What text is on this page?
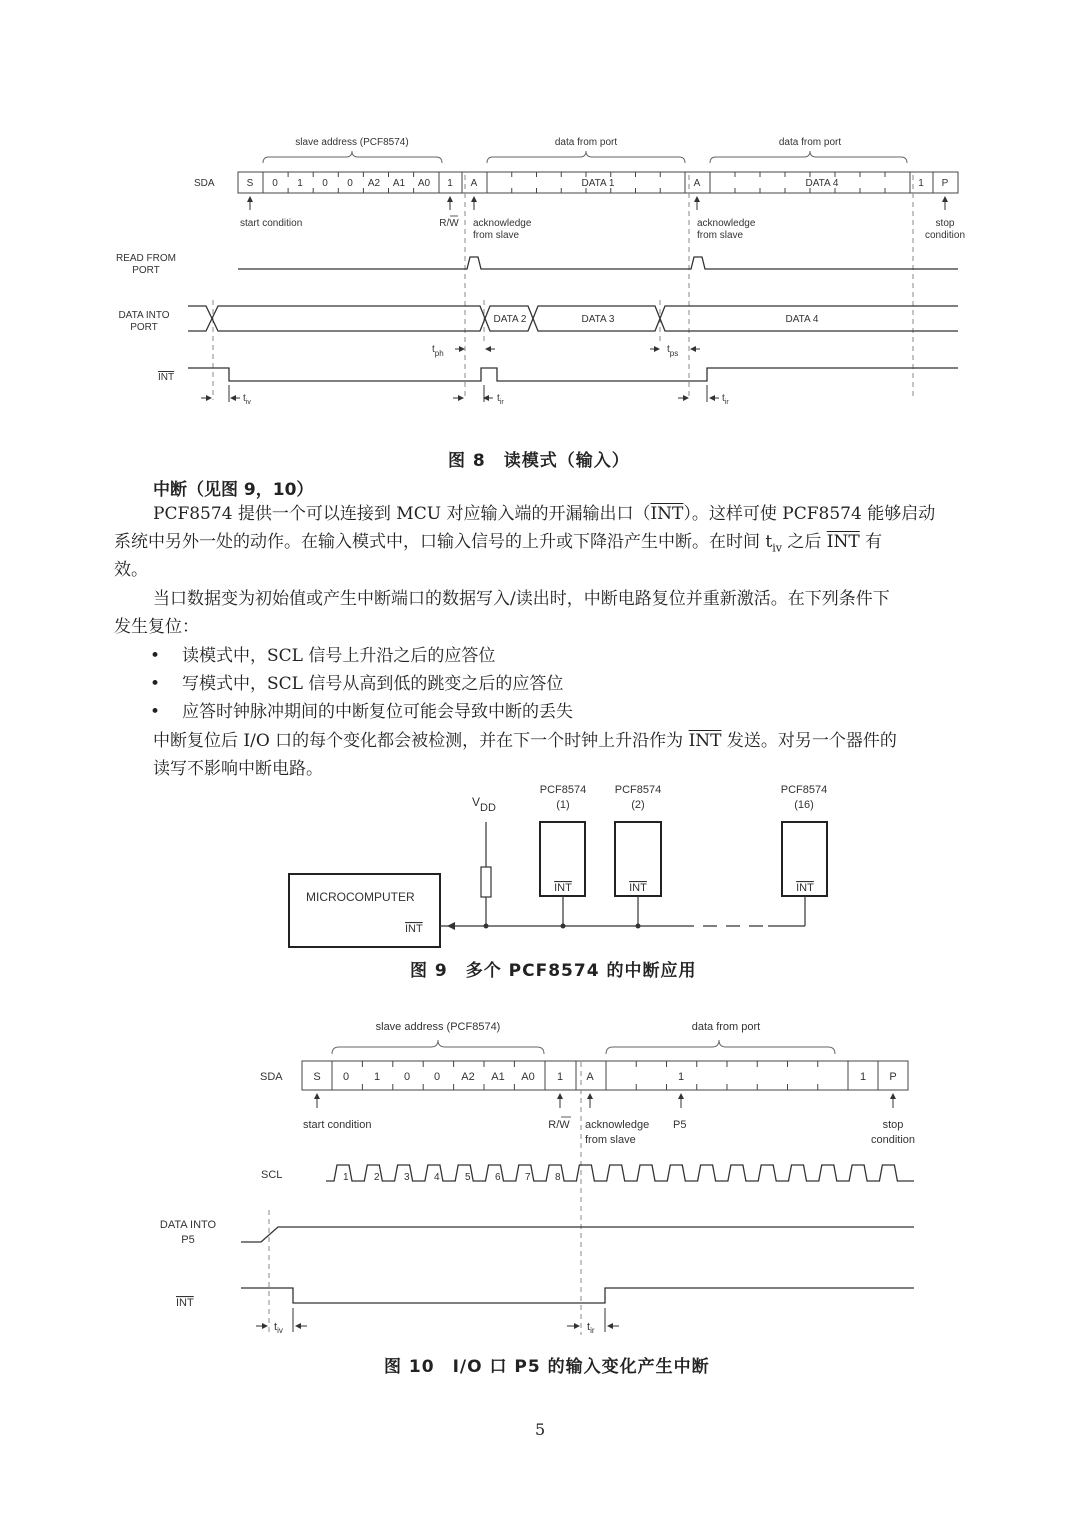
slave address (PCF8574)	data from port	data from port
SDA	S 0 1 0 0 A2 A1 A0 1 A	DATA 1	A	DATA 4	1 P
start condition	R/W acknowledge
from slave
acknowledge
from slave
stop
condition
READ FROM
PORT
DATA INTO
PORT
DATA 2	DATA 3	DATA 4
$t_{ph}$	$t_{ps}$
INT
$t_{iv}$	$t_{ir}$	$t_{ir}$
图 8　读模式（输入）
中断（见图 9，10）
PCF8574 提供一个可以连接到 MCU 对应输入端的开漏输出口$(\overline{INT})$。这样可使 PCF8574 能够启动
系统中另外一处的动作。在输入模式中，口输入信号的上升或下降沿产生中断。在时间 $t_{iv}$ 之后 $\overline{INT}$ 有
效。
当口数据变为初始值或产生中断端口的数据写入/读出时，中断电路复位并重新激活。在下列条件下
发生复位：
• 读模式中，SCL 信号上升沿之后的应答位
• 写模式中，SCL 信号从高到低的跳变之后的应答位
• 应答时钟脉冲期间的中断复位可能会导致中断的丢失
中断复位后 I/O 口的每个变化都会被检测，并在下一个时钟上升沿作为 $\overline{INT}$ 发送。对另一个器件的
读写不影响中断电路。
VDD
MICROCOMPUTER
INT
PCF8574
(1)
INT
PCF8574
(2)
INT
PCF8574
(16)
INT
图 9　多个 PCF8574 的中断应用
slave address (PCF8574)	data from port
SDA	S 0 1 0 0 A2 A1 A0 1 A	1	1 P
start condition	R/W acknowledge
from slave
P5	stop
condition
SCL	1	2 3 4	5 6 7 8
DATA INTO
P5
INT
$t_{iv}$	$t_{ir}$
图 10　I/O 口 P5 的输入变化产生中断
5
